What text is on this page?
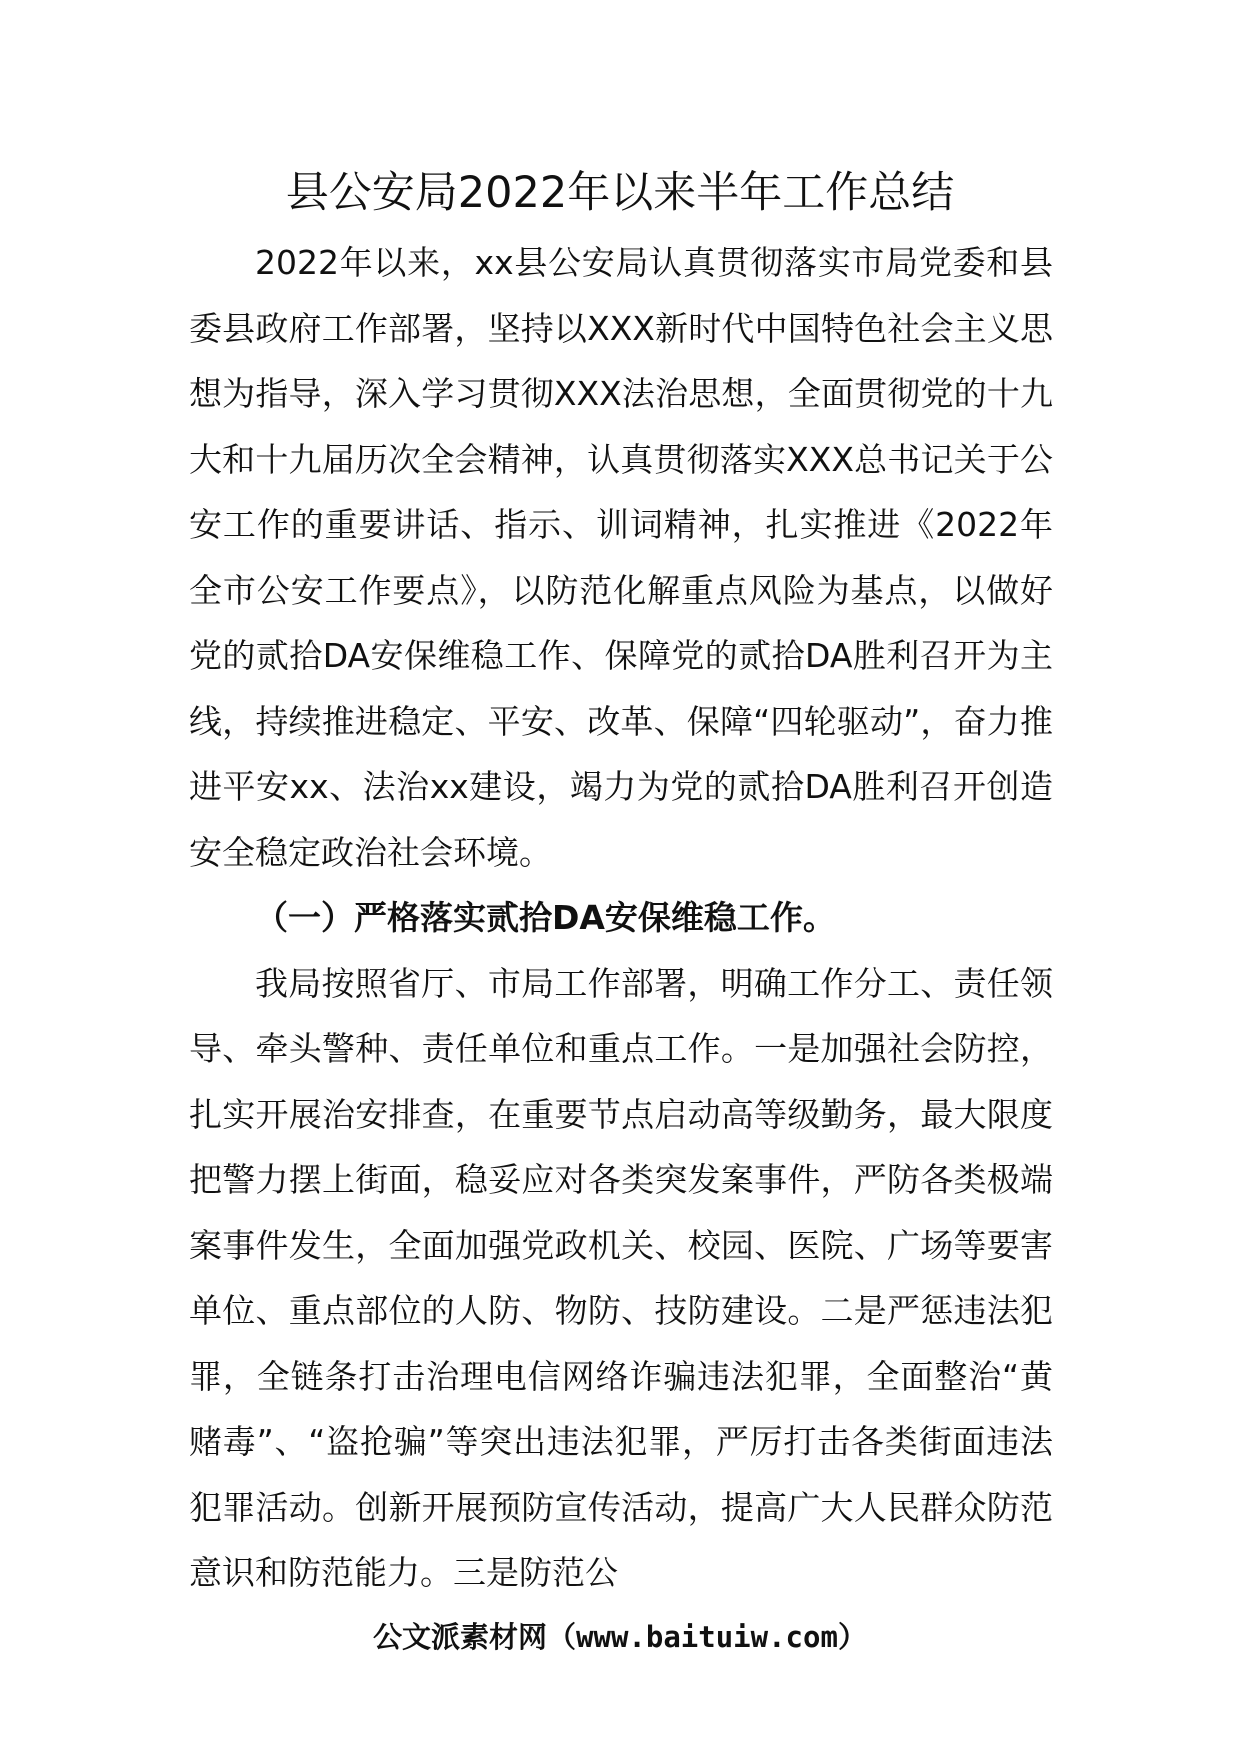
县公安局2022年以来半年工作总结

2022年以来，xx县公安局认真贯彻落实市局党委和县委县政府工作部署，坚持以XXX新时代中国特色社会主义思想为指导，深入学习贯彻XXX法治思想，全面贯彻党的十九大和十九届历次全会精神，认真贯彻落实XXX总书记关于公安工作的重要讲话、指示、训词精神，扎实推进《2022年全市公安工作要点》，以防范化解重点风险为基点，以做好党的贰拾DA安保维稳工作、保障党的贰拾DA胜利召开为主线，持续推进稳定、平安、改革、保障“四轮驱动”，奋力推进平安xx、法治xx建设，竭力为党的贰拾DA胜利召开创造安全稳定政治社会环境。

（一）严格落实贰拾DA安保维稳工作。

我局按照省厅、市局工作部署，明确工作分工、责任领导、牵头警种、责任单位和重点工作。一是加强社会防控，扎实开展治安排查，在重要节点启动高等级勤务，最大限度把警力摆上街面，稳妥应对各类突发案事件，严防各类极端案事件发生，全面加强党政机关、校园、医院、广场等要害单位、重点部位的人防、物防、技防建设。二是严惩违法犯罪，全链条打击治理电信网络诈骗违法犯罪，全面整治“黄赌毒”、“盗抢骗”等突出违法犯罪，严厉打击各类街面违法犯罪活动。创新开展预防宣传活动，提高广大人民群众防范意识和防范能力。三是防范公

公文派素材网（www.baituiw.com）
